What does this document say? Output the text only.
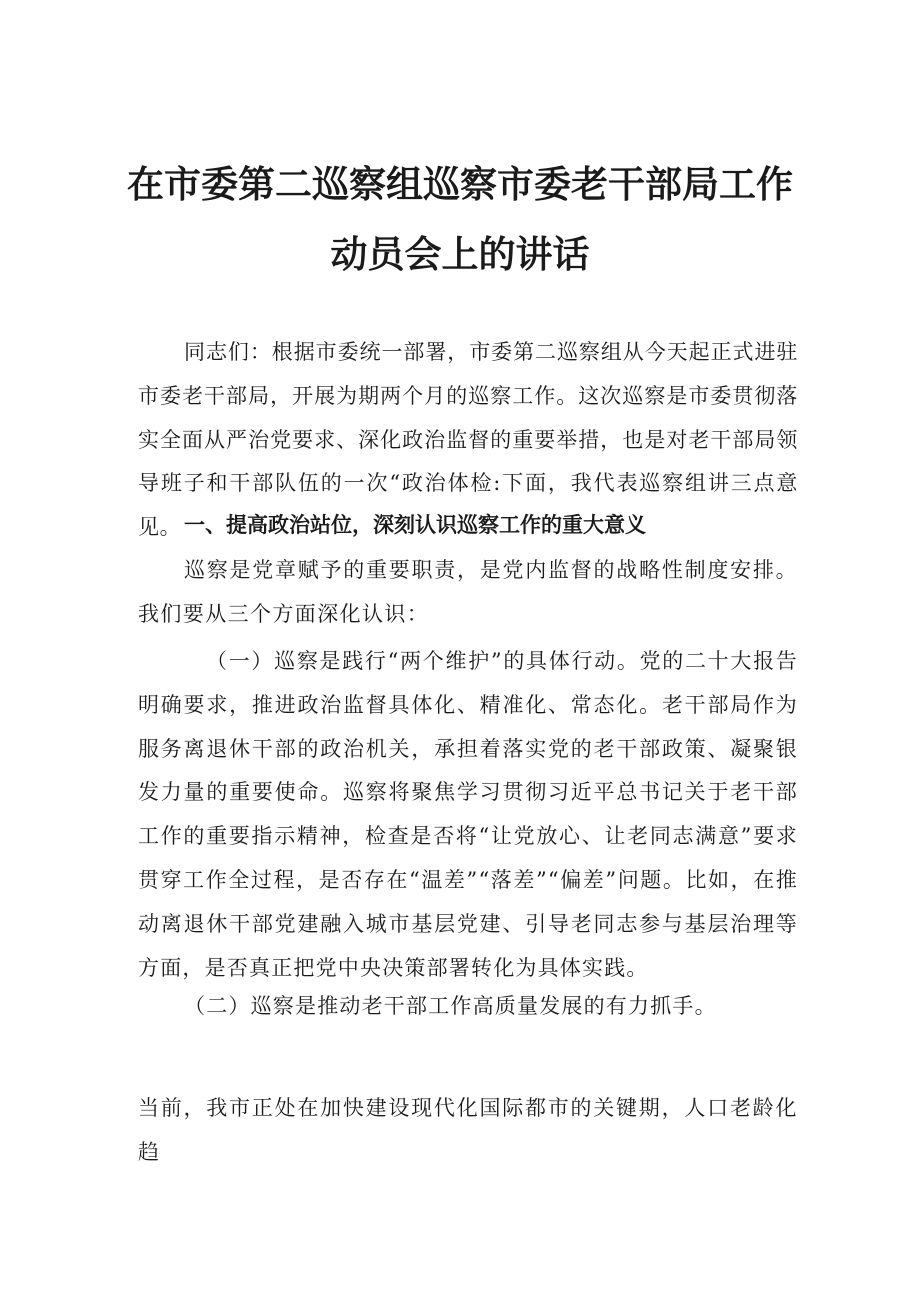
在市委第二巡察组巡察市委老干部局工作
动员会上的讲话

同志们：根据市委统一部署，市委第二巡察组从今天起正式进驻市委老干部局，开展为期两个月的巡察工作。这次巡察是市委贯彻落实全面从严治党要求、深化政治监督的重要举措，也是对老干部局领导班子和干部队伍的一次“政治体检:下面，我代表巡察组讲三点意见。 一、提高政治站位，深刻认识巡察工作的重大意义

巡察是党章赋予的重要职责，是党内监督的战略性制度安排。我们要从三个方面深化认识：

（一）巡察是践行“两个维护”的具体行动。党的二十大报告明确要求，推进政治监督具体化、精准化、常态化。老干部局作为服务离退休干部的政治机关，承担着落实党的老干部政策、凝聚银发力量的重要使命。巡察将聚焦学习贯彻习近平总书记关于老干部工作的重要指示精神，检查是否将“让党放心、让老同志满意”要求贯穿工作全过程，是否存在“温差”“落差”“偏差”问题。比如，在推动离退休干部党建融入城市基层党建、引导老同志参与基层治理等方面，是否真正把党中央决策部署转化为具体实践。

（二）巡察是推动老干部工作高质量发展的有力抓手。

当前，我市正处在加快建设现代化国际都市的关键期，人口老龄化趋
